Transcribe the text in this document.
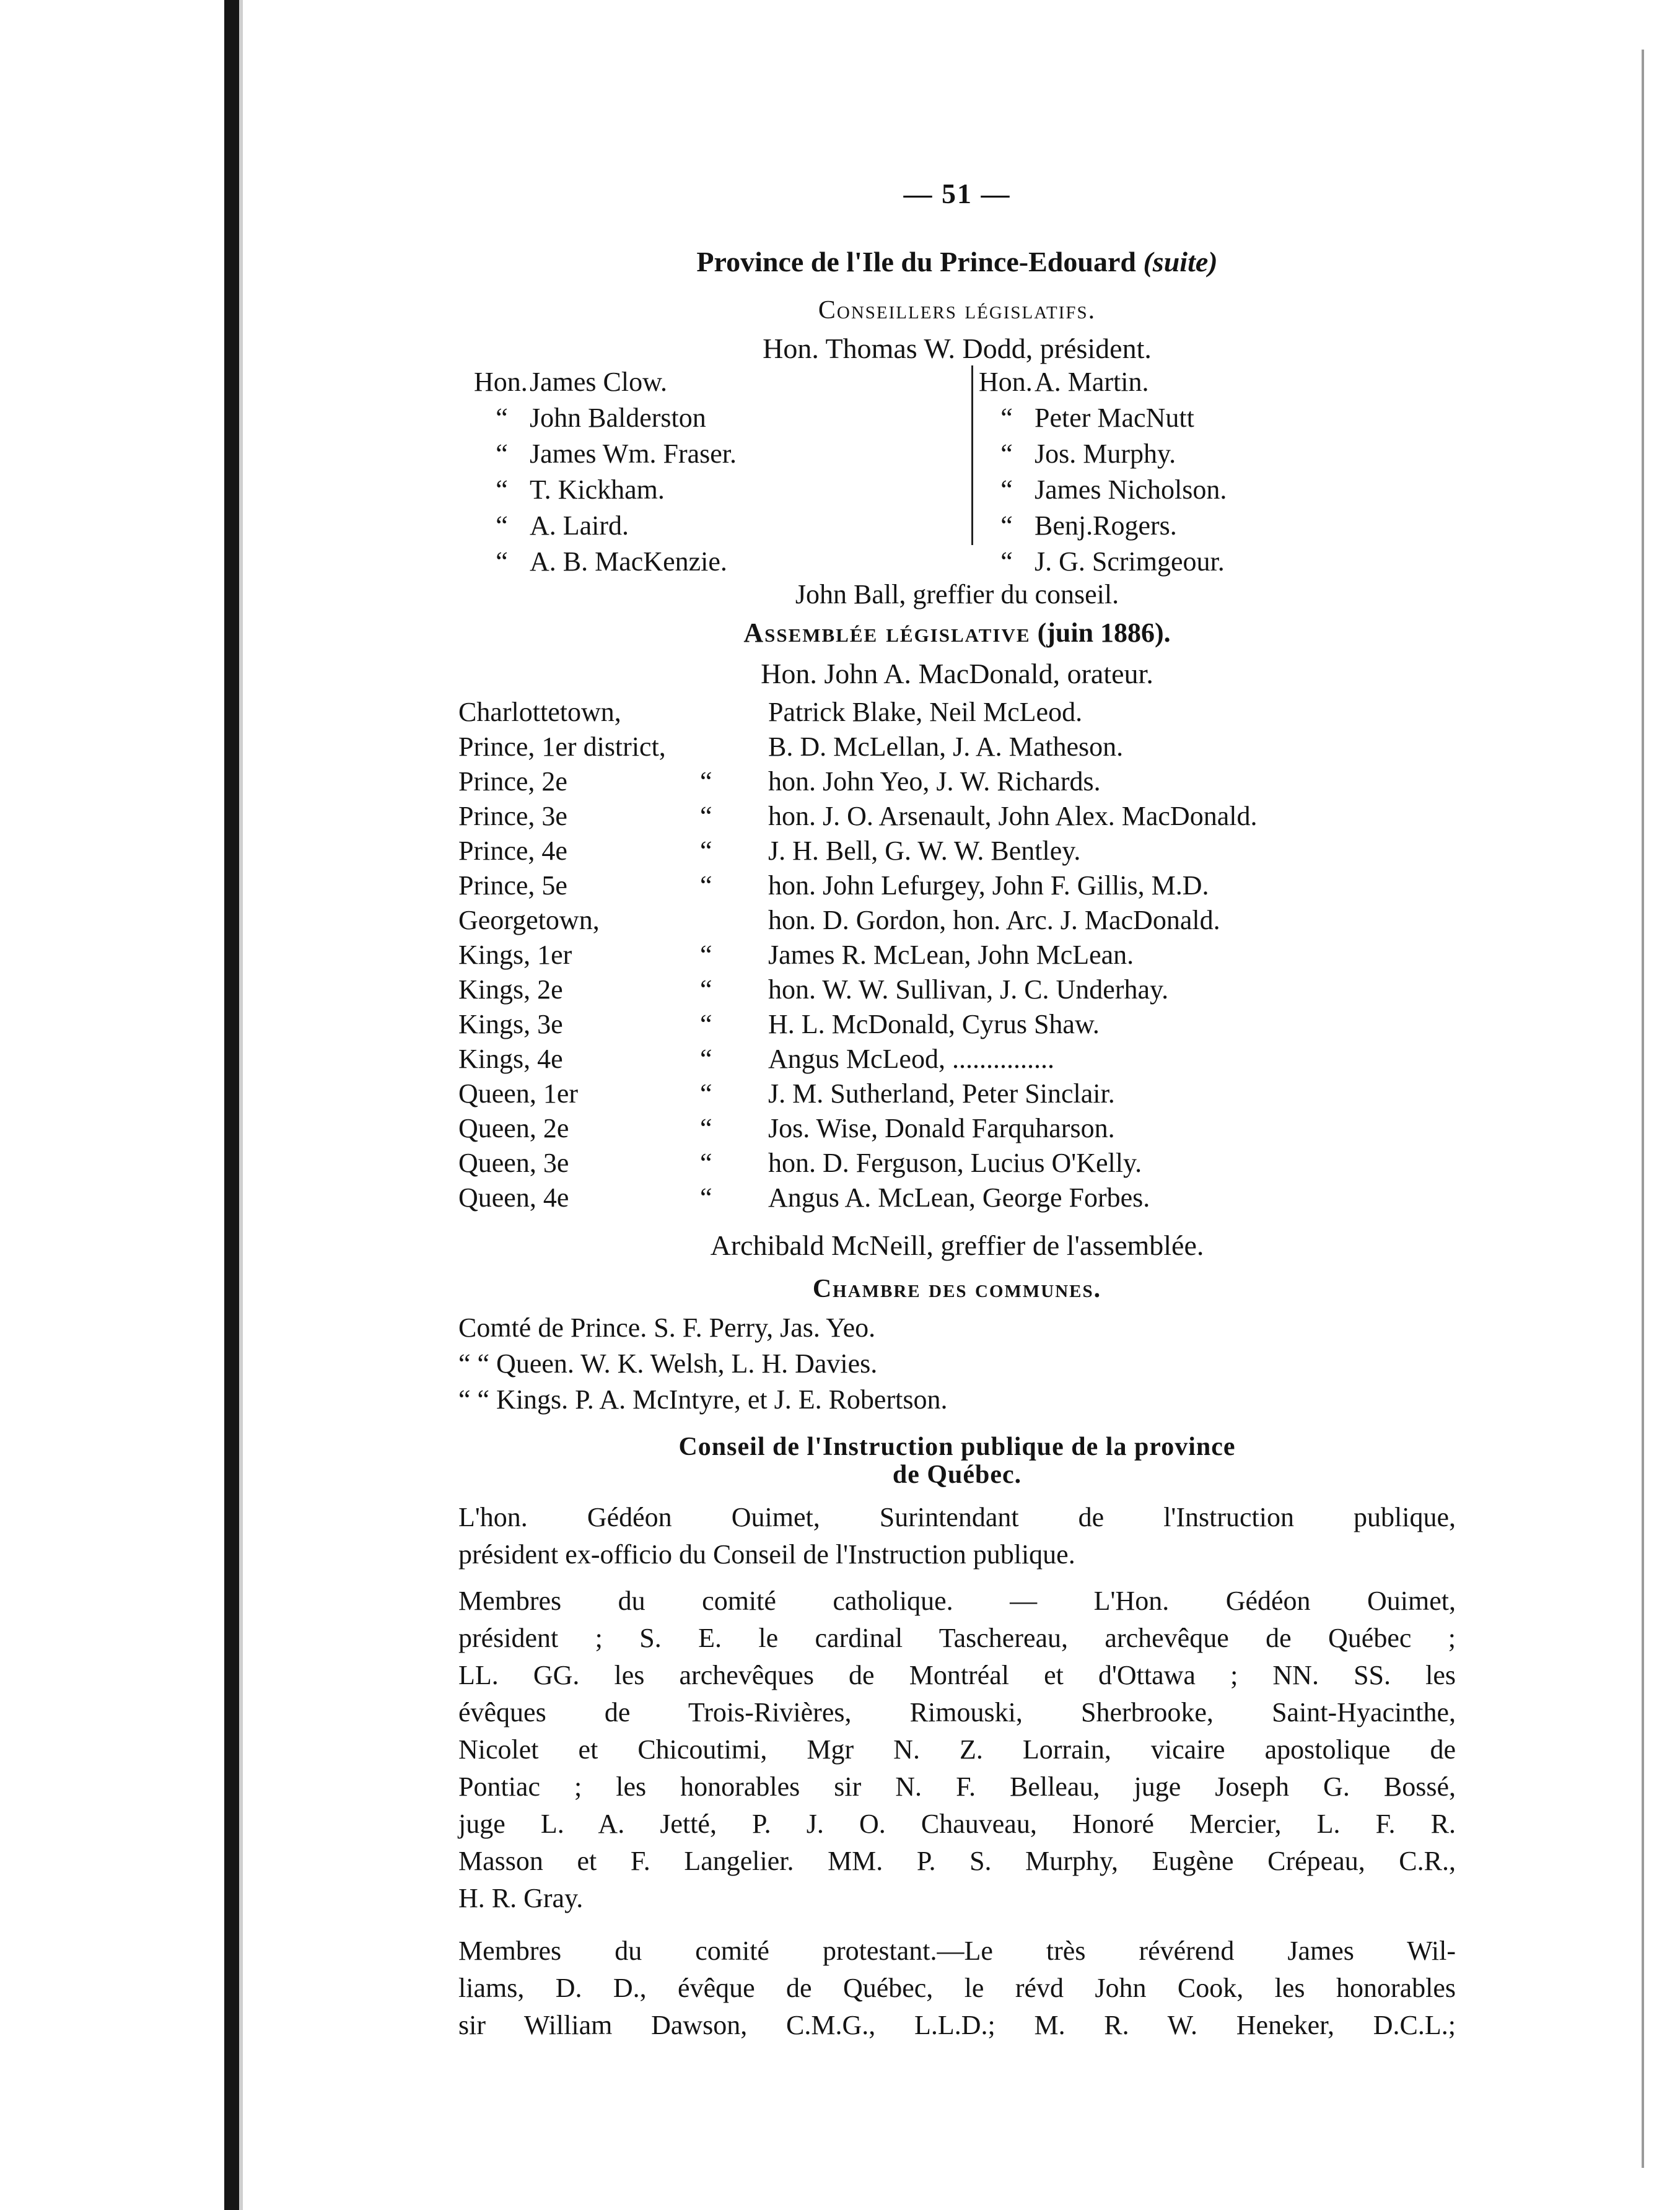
— 51 —
Province de l'Ile du Prince-Edouard (suite)
Conseillers législatifs.
Hon. Thomas W. Dodd, président.
Hon.James Clow.
“ John Balderston
“ James Wm. Fraser.
“ T. Kickham.
“ A. Laird.
“ A. B. MacKenzie.
Hon.A. Martin.
“ Peter MacNutt
“ Jos. Murphy.
“ James Nicholson.
“ Benj.Rogers.
“ J. G. Scrimgeour.
John Ball, greffier du conseil.
Assemblée législative (juin 1886).
Hon. John A. MacDonald, orateur.
Charlottetown,	Patrick Blake, Neil McLeod.
Prince, 1er district,	B. D. McLellan, J. A. Matheson.
Prince, 2e	“ hon. John Yeo, J. W. Richards.
Prince, 3e	“ hon. J. O. Arsenault, John Alex. MacDonald.
Prince, 4e	“ J. H. Bell, G. W. W. Bentley.
Prince, 5e	“ hon. John Lefurgey, John F. Gillis, M.D.
Georgetown,	hon. D. Gordon, hon. Arc. J. MacDonald.
Kings, 1er	“ James R. McLean, John McLean.
Kings, 2e	“ hon. W. W. Sullivan, J. C. Underhay.
Kings, 3e	“ H. L. McDonald, Cyrus Shaw.
Kings, 4e	“ Angus McLeod, ...............
Queen, 1er	“ J. M. Sutherland, Peter Sinclair.
Queen, 2e	“ Jos. Wise, Donald Farquharson.
Queen, 3e	“ hon. D. Ferguson, Lucius O'Kelly.
Queen, 4e	“ Angus A. McLean, George Forbes.
Archibald McNeill, greffier de l'assemblée.
Chambre des communes.
Comté de Prince. S. F. Perry, Jas. Yeo.
“ “ Queen. W. K. Welsh, L. H. Davies.
“ “ Kings. P. A. McIntyre, et J. E. Robertson.
Conseil de l'Instruction publique de la province
de Québec.
L'hon. Gédéon Ouimet, Surintendant de l'Instruction publique,
président ex-officio du Conseil de l'Instruction publique.
Membres du comité catholique. — L'Hon. Gédéon Ouimet,
président ; S. E. le cardinal Taschereau, archevêque de Québec ;
LL. GG. les archevêques de Montréal et d'Ottawa ; NN. SS. les
évêques de Trois-Rivières, Rimouski, Sherbrooke, Saint-Hyacinthe,
Nicolet et Chicoutimi, Mgr N. Z. Lorrain, vicaire apostolique de
Pontiac ; les honorables sir N. F. Belleau, juge Joseph G. Bossé,
juge L. A. Jetté, P. J. O. Chauveau, Honoré Mercier, L. F. R.
Masson et F. Langelier. MM. P. S. Murphy, Eugène Crépeau, C.R.,
H. R. Gray.
Membres du comité protestant.—Le très révérend James Wil-
liams, D. D., évêque de Québec, le révd John Cook, les honorables
sir William Dawson, C.M.G., L.L.D.; M. R. W. Heneker, D.C.L.;
